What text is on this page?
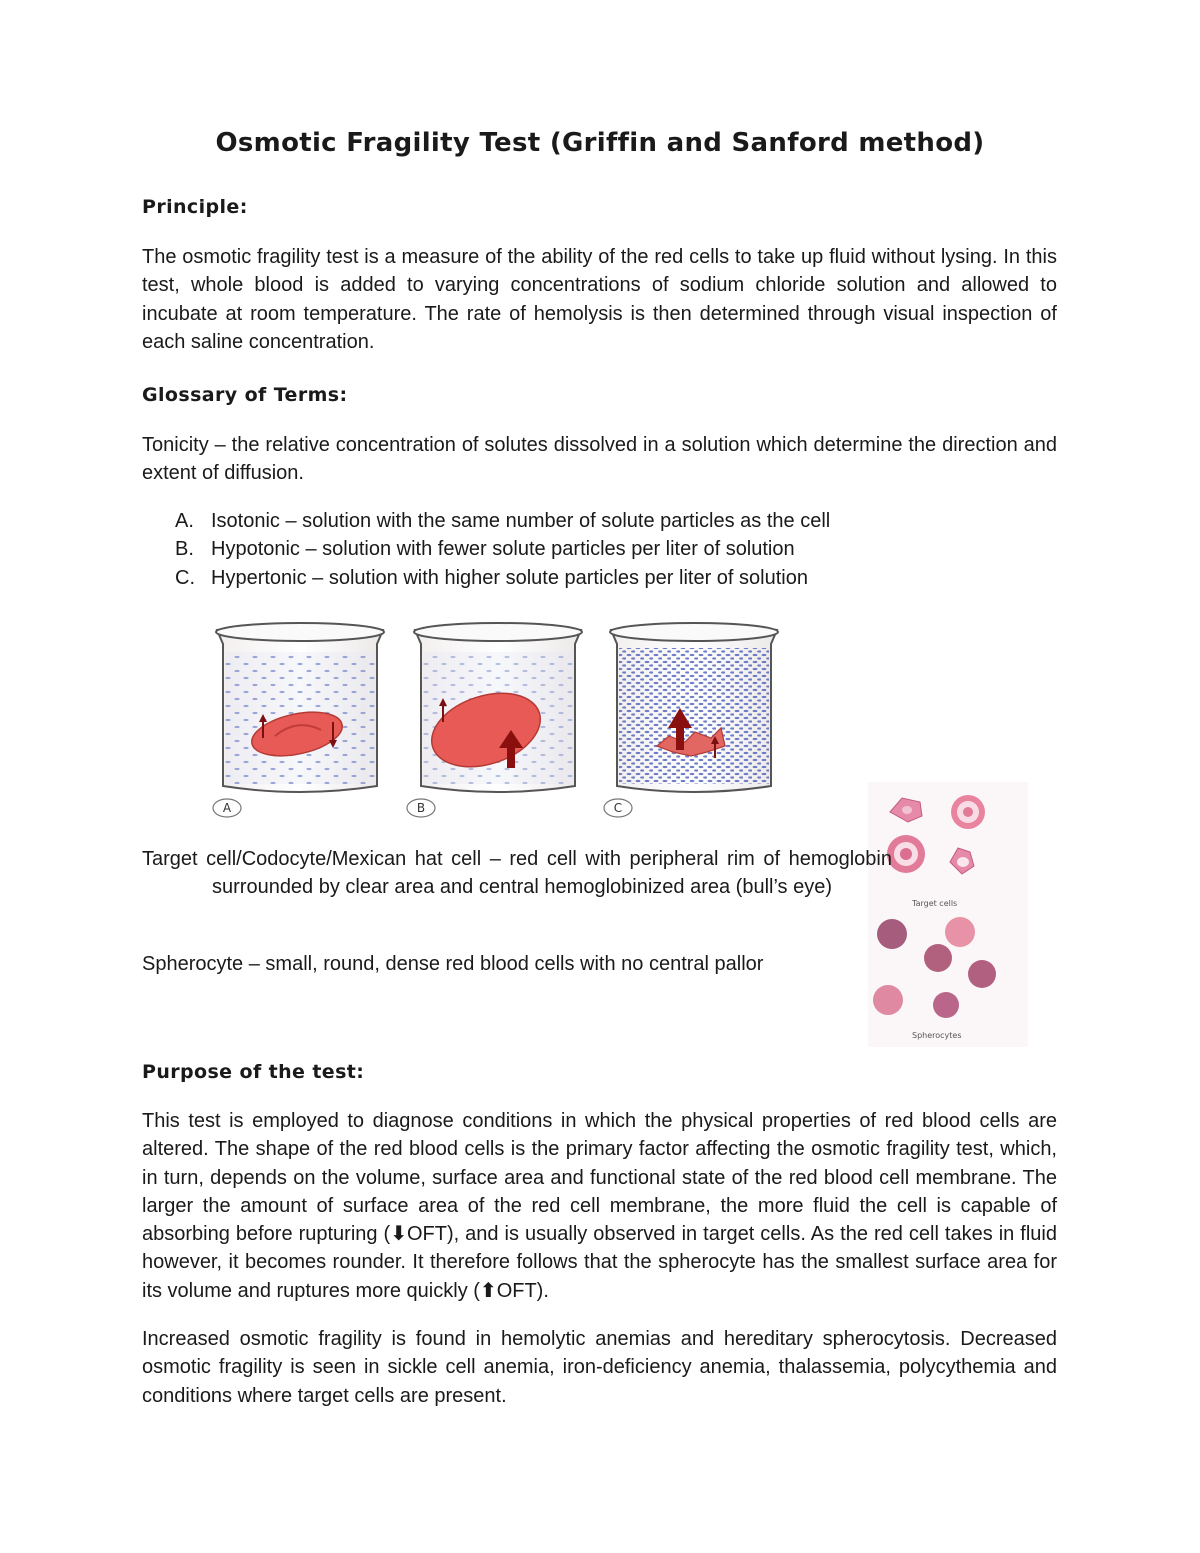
Osmotic Fragility Test (Griffin and Sanford method)
Principle:
The osmotic fragility test is a measure of the ability of the red cells to take up fluid without lysing. In this test, whole blood is added to varying concentrations of sodium chloride solution and allowed to incubate at room temperature. The rate of hemolysis is then determined through visual inspection of each saline concentration.
Glossary of Terms:
Tonicity – the relative concentration of solutes dissolved in a solution which determine the direction and extent of diffusion.
A. Isotonic – solution with the same number of solute particles as the cell
B. Hypotonic – solution with fewer solute particles per liter of solution
C. Hypertonic – solution with higher solute particles per liter of solution
A	B	C
Target cells
Spherocytes
Target cell/Codocyte/Mexican hat cell – red cell with peripheral rim of hemoglobin surrounded by clear area and central hemoglobinized area (bull’s eye)
Spherocyte – small, round, dense red blood cells with no central pallor
Purpose of the test:
This test is employed to diagnose conditions in which the physical properties of red blood cells are altered. The shape of the red blood cells is the primary factor affecting the osmotic fragility test, which, in turn, depends on the volume, surface area and functional state of the red blood cell membrane. The larger the amount of surface area of the red cell membrane, the more fluid the cell is capable of absorbing before rupturing (⬇OFT), and is usually observed in target cells. As the red cell takes in fluid however, it becomes rounder. It therefore follows that the spherocyte has the smallest surface area for its volume and ruptures more quickly (⬆OFT).
Increased osmotic fragility is found in hemolytic anemias and hereditary spherocytosis. Decreased osmotic fragility is seen in sickle cell anemia, iron-deficiency anemia, thalassemia, polycythemia and conditions where target cells are present.
